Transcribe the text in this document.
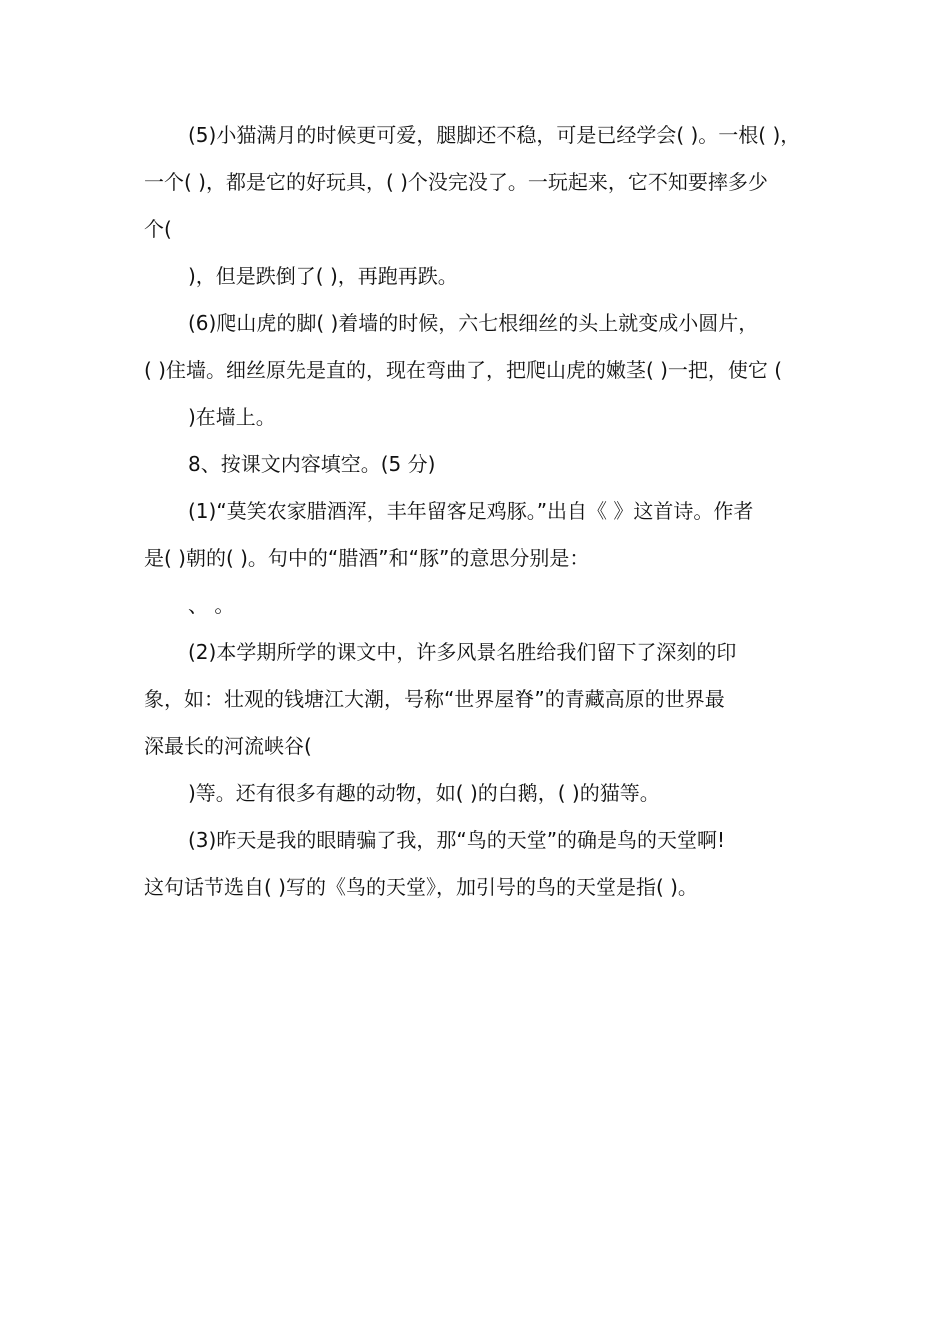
(5)小猫满月的时候更可爱，腿脚还不稳，可是已经学会( )。一根( )，
一个( )，都是它的好玩具，( )个没完没了。一玩起来，它不知要摔多少
个(
)，但是跌倒了( )，再跑再跌。
(6)爬山虎的脚( )着墙的时候，六七根细丝的头上就变成小圆片，
( )住墙。细丝原先是直的，现在弯曲了，把爬山虎的嫩茎( )一把，使它 (
)在墙上。
8、按课文内容填空。(5 分)
(1)“莫笑农家腊酒浑，丰年留客足鸡豚。”出自《 》这首诗。作者
是( )朝的( )。句中的“腊酒”和“豚”的意思分别是：
、 。
(2)本学期所学的课文中，许多风景名胜给我们留下了深刻的印
象，如：壮观的钱塘江大潮，号称“世界屋脊”的青藏高原的世界最
深最长的河流峡谷(
)等。还有很多有趣的动物，如( )的白鹅，( )的猫等。
(3)昨天是我的眼睛骗了我，那“鸟的天堂”的确是鸟的天堂啊!
这句话节选自( )写的《鸟的天堂》，加引号的鸟的天堂是指( )。
